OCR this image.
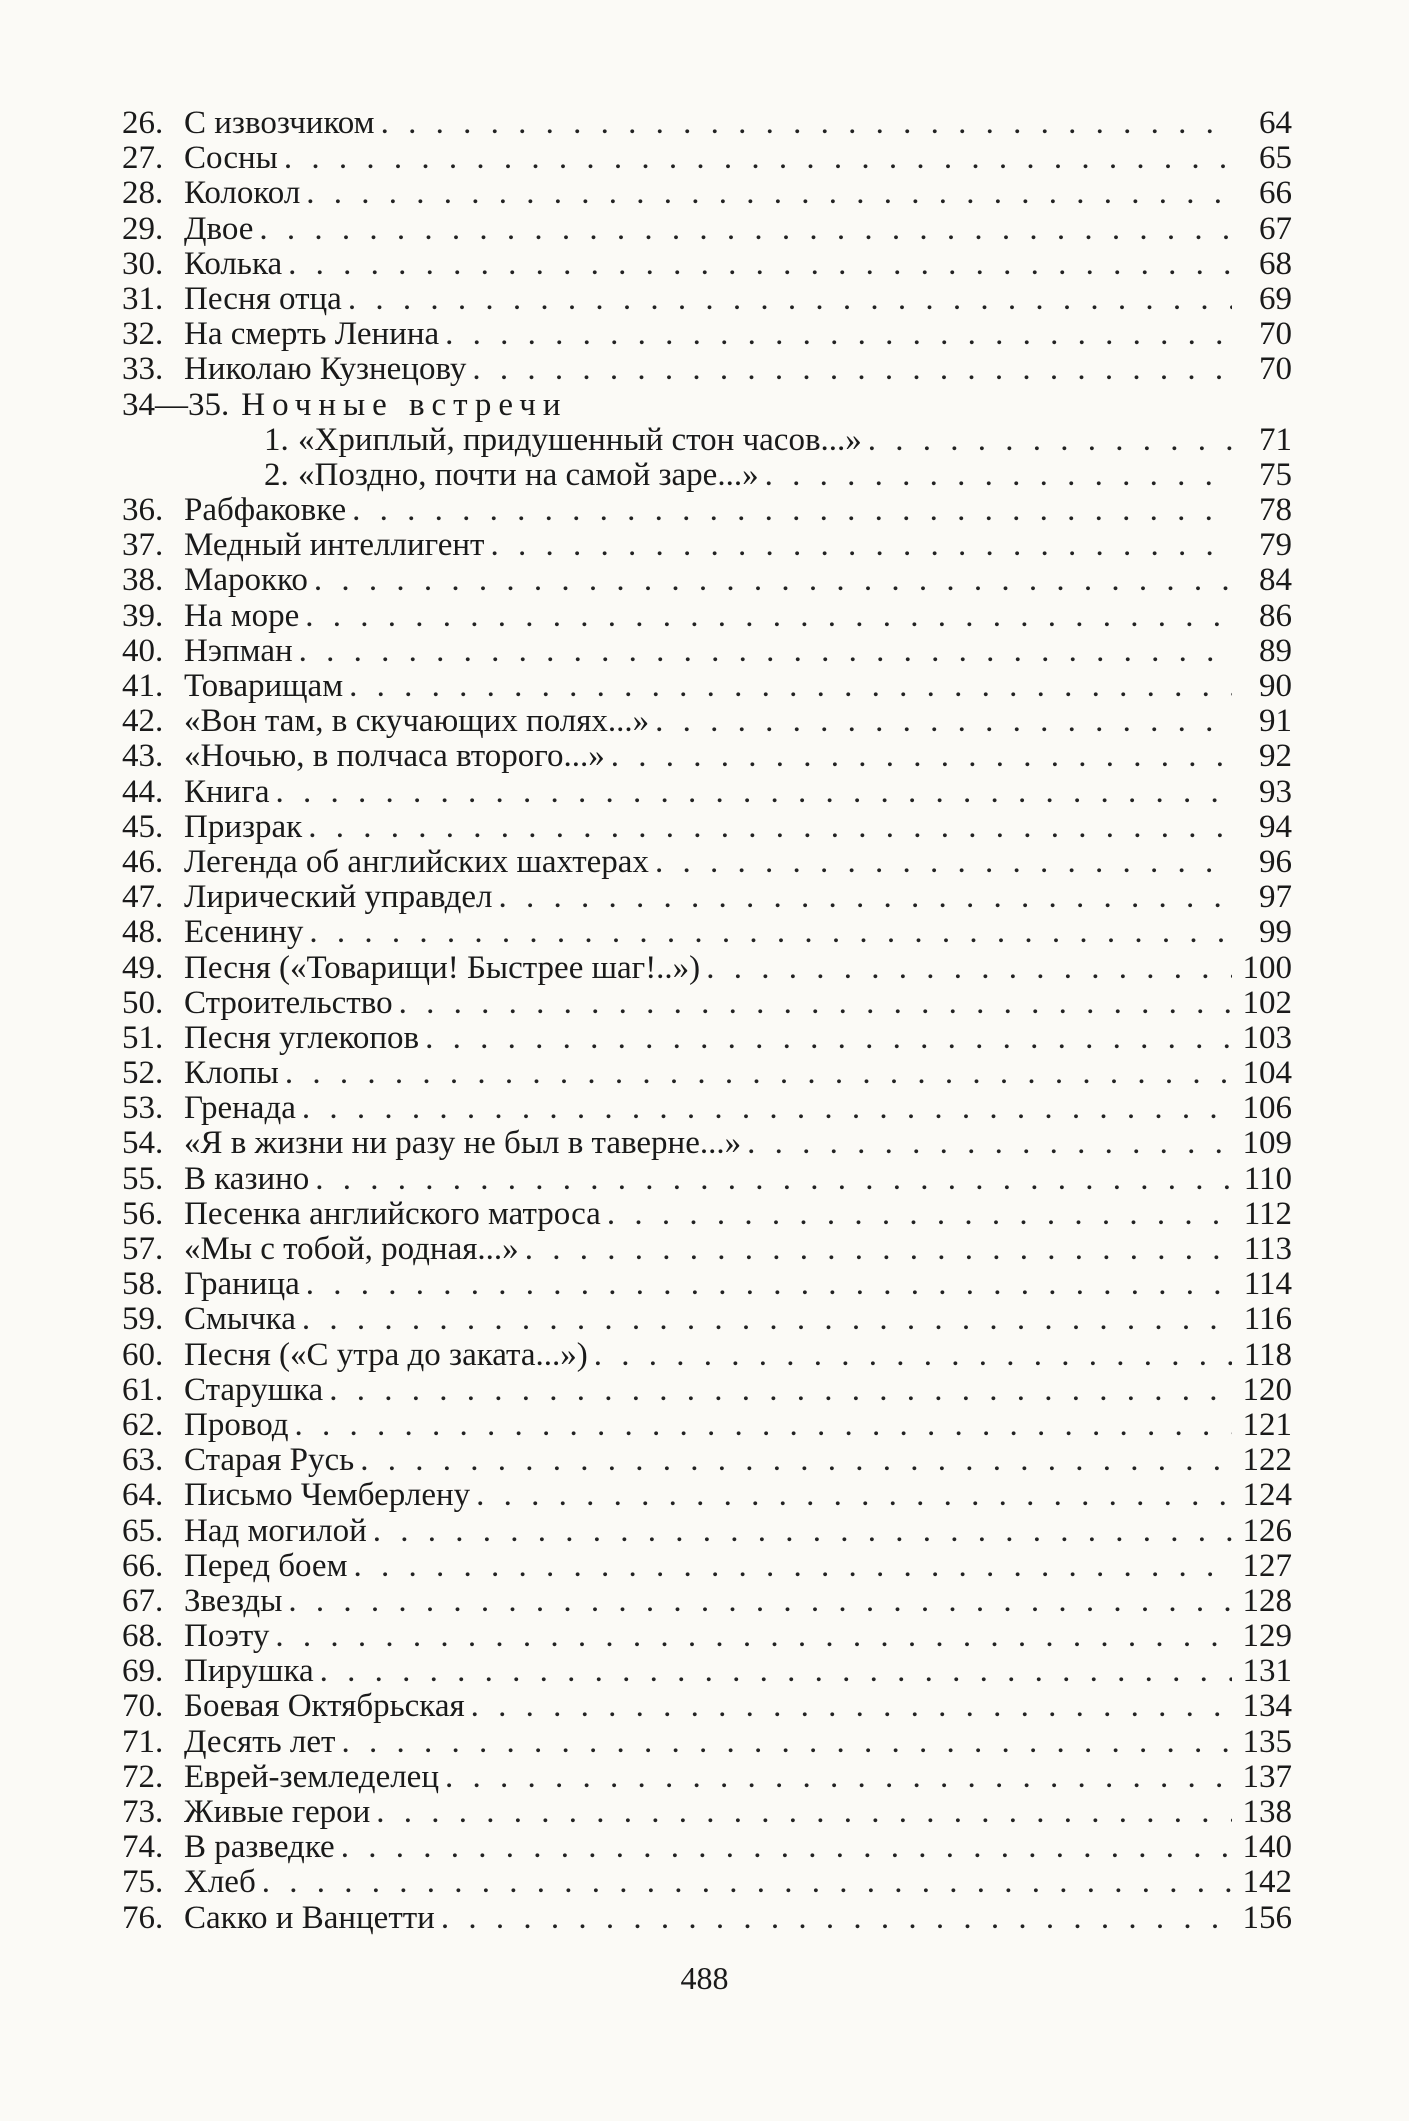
26. С извозчиком . . .	64
27. Сосны . . .	65
28. Колокол . . .	66
29. Двое . . .	67
30. Колька . . .	68
31. Песня отца . . .	69
32. На смерть Ленина . . .	70
33. Николаю Кузнецову . . .	70
34—35. Ночные встречи
1. «Хриплый, придушенный стон часов...» . . .	71
2. «Поздно, почти на самой заре...» . . .	75
36. Рабфаковке . . .	78
37. Медный интеллигент . . .	79
38. Марокко . . .	84
39. На море . . .	86
40. Нэпман . . .	89
41. Товарищам . . .	90
42. «Вон там, в скучающих полях...» . . .	91
43. «Ночью, в полчаса второго...» . . .	92
44. Книга . . .	93
45. Призрак . . .	94
46. Легенда об английских шахтерах . . .	96
47. Лирический управдел . . .	97
48. Есенину . . .	99
49. Песня («Товарищи! Быстрее шаг!..») . . .	100
50. Строительство . . .	102
51. Песня углекопов . . .	103
52. Клопы . . .	104
53. Гренада . . .	106
54. «Я в жизни ни разу не был в таверне...» . . .	109
55. В казино . . .	110
56. Песенка английского матроса . . .	112
57. «Мы с тобой, родная...» . . .	113
58. Граница . . .	114
59. Смычка . . .	116
60. Песня («С утра до заката...») . . .	118
61. Старушка . . .	120
62. Провод . . .	121
63. Старая Русь . . .	122
64. Письмо Чемберлену . . .	124
65. Над могилой . . .	126
66. Перед боем . . .	127
67. Звезды . . .	128
68. Поэту . . .	129
69. Пирушка . . .	131
70. Боевая Октябрьская . . .	134
71. Десять лет . . .	135
72. Еврей-земледелец . . .	137
73. Живые герои . . .	138
74. В разведке . . .	140
75. Хлеб . . .	142
76. Сакко и Ванцетти . . .	156
488
